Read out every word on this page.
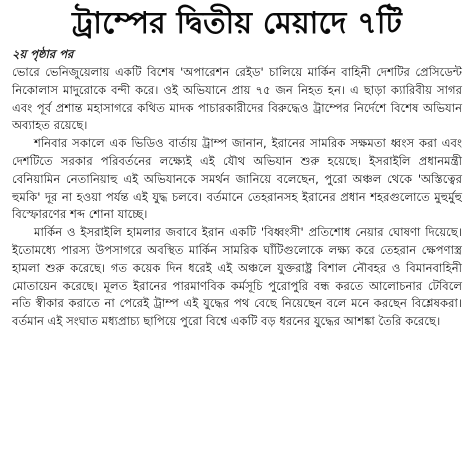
ট্রাম্পের দ্বিতীয় মেয়াদে ৭টি
২য় পৃষ্ঠার পর

ভোরে ভেনিজুয়েলায় একটি বিশেষ 'অপারেশন রেইড' চালিয়ে মার্কিন বাহিনী দেশটির প্রেসিডেন্ট নিকোলাস মাদুরোকে বন্দী করে। ওই অভিযানে প্রায় ৭৫ জন নিহত হন। এ ছাড়া ক্যারিবীয় সাগর এবং পূর্ব প্রশান্ত মহাসাগরে কথিত মাদক পাচারকারীদের বিরুদ্ধেও ট্রাম্পের নির্দেশে বিশেষ অভিযান অব্যাহত রয়েছে।

শনিবার সকালে এক ভিডিও বার্তায় ট্রাম্প জানান, ইরানের সামরিক সক্ষমতা ধ্বংস করা এবং দেশটিতে সরকার পরিবর্তনের লক্ষ্যেই এই যৌথ অভিযান শুরু হয়েছে। ইসরাইলি প্রধানমন্ত্রী বেনিয়ামিন নেতানিয়াহু এই অভিযানকে সমর্থন জানিয়ে বলেছেন, পুরো অঞ্চল থেকে 'অস্তিত্বের হুমকি' দূর না হওয়া পর্যন্ত এই যুদ্ধ চলবে। বর্তমানে তেহরানসহ ইরানের প্রধান শহরগুলোতে মুহুর্মুহু বিস্ফোরণের শব্দ শোনা যাচ্ছে।

মার্কিন ও ইসরাইলি হামলার জবাবে ইরান একটি 'বিধ্বংসী' প্রতিশোধ নেয়ার ঘোষণা দিয়েছে। ইতোমধ্যে পারস্য উপসাগরে অবস্থিত মার্কিন সামরিক ঘাঁটিগুলোকে লক্ষ্য করে তেহরান ক্ষেপণাস্ত্র হামলা শুরু করেছে। গত কয়েক দিন ধরেই এই অঞ্চলে যুক্তরাষ্ট্র বিশাল নৌবহর ও বিমানবাহিনী মোতায়েন করেছে। মূলত ইরানের পারমাণবিক কর্মসূচি পুরোপুরি বন্ধ করতে আলোচনার টেবিলে নতি স্বীকার করাতে না পেরেই ট্রাম্প এই যুদ্ধের পথ বেছে নিয়েছেন বলে মনে করছেন বিশ্লেষকরা। বর্তমান এই সংঘাত মধ্যপ্রাচ্য ছাপিয়ে পুরো বিশ্বে একটি বড় ধরনের যুদ্ধের আশঙ্কা তৈরি করেছে।
